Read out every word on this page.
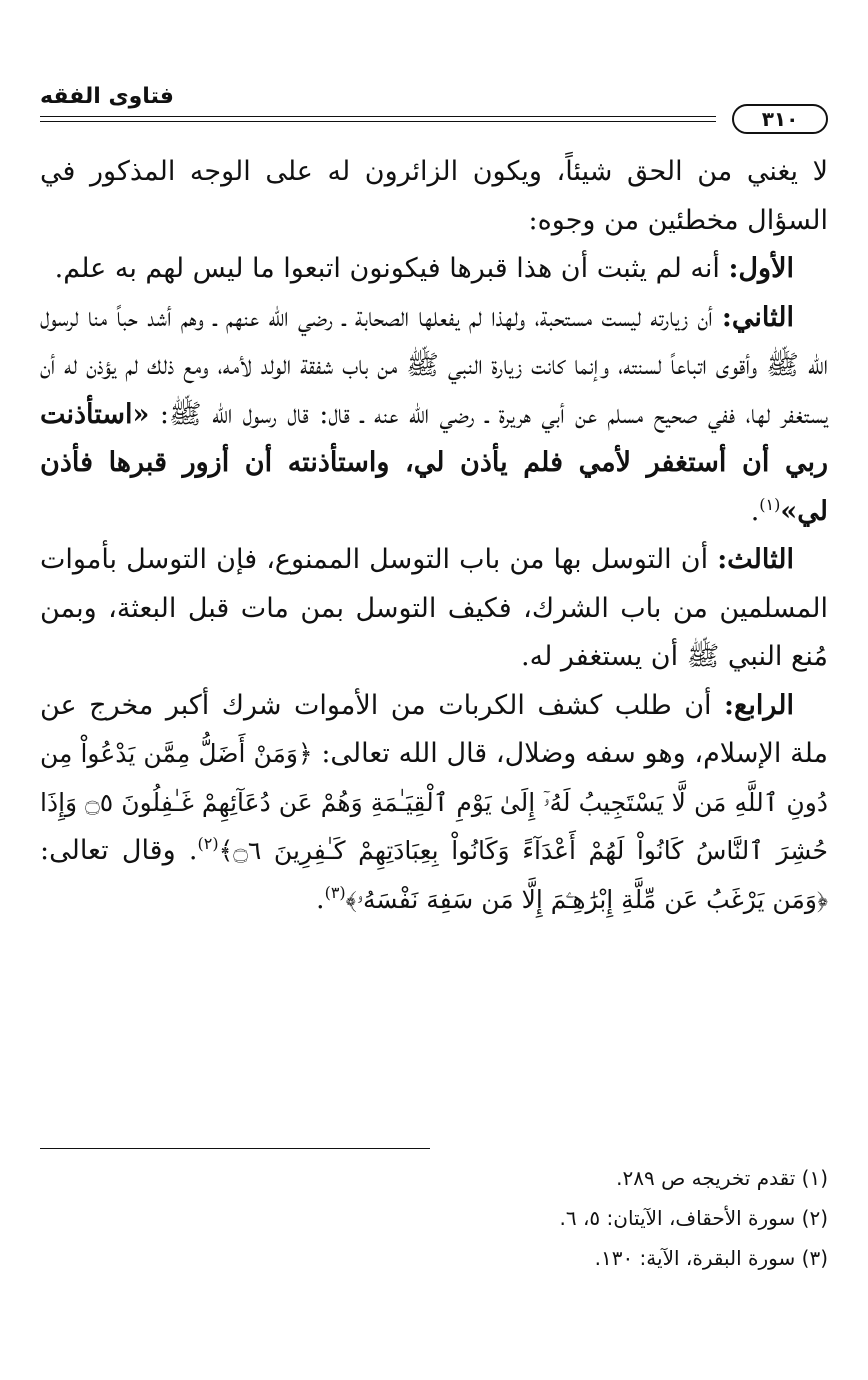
فتاوى الفقه
٣١٠

لا يغني من الحق شيئاً، ويكون الزائرون له على الوجه المذكور في السؤال مخطئين من وجوه:

الأول: أنه لم يثبت أن هذا قبرها فيكونون اتبعوا ما ليس لهم به علم.

الثاني: أن زيارته ليست مستحبة، ولهذا لم يفعلها الصحابة ـ رضي الله عنهم ـ وهم أشد حباً منا لرسول الله ﷺ وأقوى اتباعاً لسنته، وإنما كانت زيارة النبي ﷺ من باب شفقة الولد لأمه، ومع ذلك لم يؤذن له أن يستغفر لها، ففي صحيح مسلم عن أبي هريرة ـ رضي الله عنه ـ قال: قال رسول الله ﷺ: «استأذنت ربي أن أستغفر لأمي فلم يأذن لي، واستأذنته أن أزور قبرها فأذن لي»$^{(١)}$.

الثالث: أن التوسل بها من باب التوسل الممنوع، فإن التوسل بأموات المسلمين من باب الشرك، فكيف التوسل بمن مات قبل البعثة، وبمن مُنع النبي ﷺ أن يستغفر له.

الرابع: أن طلب كشف الكربات من الأموات شرك أكبر مخرج عن ملة الإسلام، وهو سفه وضلال، قال الله تعالى: ﴿وَمَنْ أَضَلُّ مِمَّن يَدْعُواْ مِن دُونِ ٱللَّهِ مَن لَّا يَسْتَجِيبُ لَهُۥٓ إِلَىٰ يَوْمِ ٱلْقِيَـٰمَةِ وَهُمْ عَن دُعَآئِهِمْ غَـٰفِلُونَ ۝٥ وَإِذَا حُشِرَ ٱلنَّاسُ كَانُواْ لَهُمْ أَعْدَآءً وَكَانُواْ بِعِبَادَتِهِمْ كَـٰفِرِينَ ۝٦﴾$^{(٢)}$. وقال تعالى: ﴿وَمَن يَرْغَبُ عَن مِّلَّةِ إِبْرَٰهِـۧمَ إِلَّا مَن سَفِهَ نَفْسَهُۥ﴾$^{(٣)}$.

(١) تقدم تخريجه ص ٢٨٩.
(٢) سورة الأحقاف، الآيتان: ٥، ٦.
(٣) سورة البقرة، الآية: ١٣٠.
